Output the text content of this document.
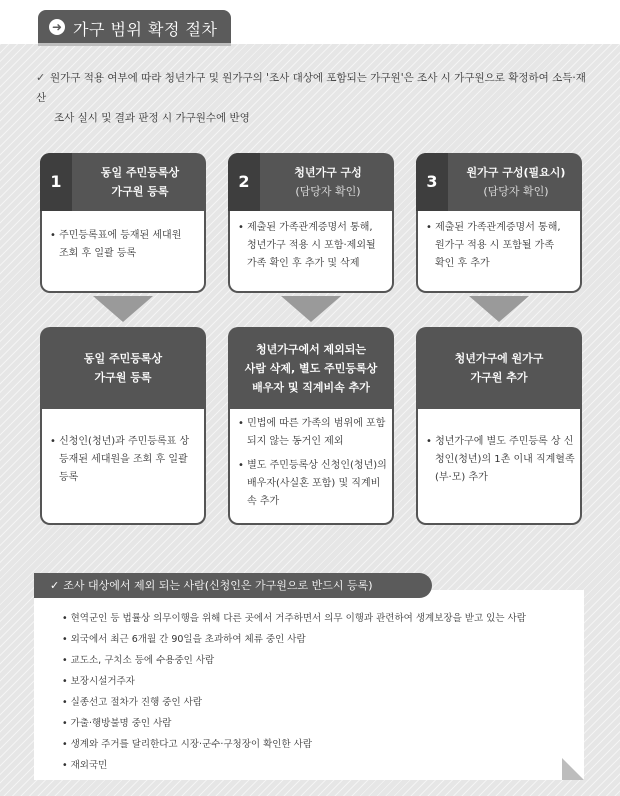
➜ 가구 범위 확정 절차
✓ 원가구 적용 여부에 따라 청년가구 및 원가구의 '조사 대상에 포함되는 가구원'은 조사 시 가구원으로 확정하여 소득·재산
조사 실시 및 결과 판정 시 가구원수에 반영
1	동일 주민등록상
가구원 등록
• 주민등록표에 등재된 세대원
조회 후 일괄 등록
2	청년가구 구성
(담당자 확인)
• 제출된 가족관계증명서 통해,
청년가구 적용 시 포함·제외될
가족 확인 후 추가 및 삭제
3	원가구 구성(필요시)
(담당자 확인)
• 제출된 가족관계증명서 통해,
원가구 적용 시 포함될 가족
확인 후 추가
동일 주민등록상
가구원 등록
• 신청인(청년)과 주민등록표 상 등재된 세대원을 조회 후 일괄 등록
청년가구에서 제외되는
사람 삭제, 별도 주민등록상
배우자 및 직계비속 추가
• 민법에 따른 가족의 범위에 포함되지 않는 동거인 제외
• 별도 주민등록상 신청인(청년)의 배우자(사실혼 포함) 및 직계비속 추가
청년가구에 원가구
가구원 추가
• 청년가구에 별도 주민등록 상 신청인(청년)의 1촌 이내 직계혈족(부·모) 추가
✓ 조사 대상에서 제외 되는 사람(신청인은 가구원으로 반드시 등록)
• 현역군인 등 법률상 의무이행을 위해 다른 곳에서 거주하면서 의무 이행과 관련하여 생계보장을 받고 있는 사람
• 외국에서 최근 6개월 간 90일을 초과하여 체류 중인 사람
• 교도소, 구치소 등에 수용중인 사람
• 보장시설거주자
• 실종선고 절차가 진행 중인 사람
• 가출·행방불명 중인 사람
• 생계와 주거를 달리한다고 시장·군수·구청장이 확인한 사람
• 재외국민
